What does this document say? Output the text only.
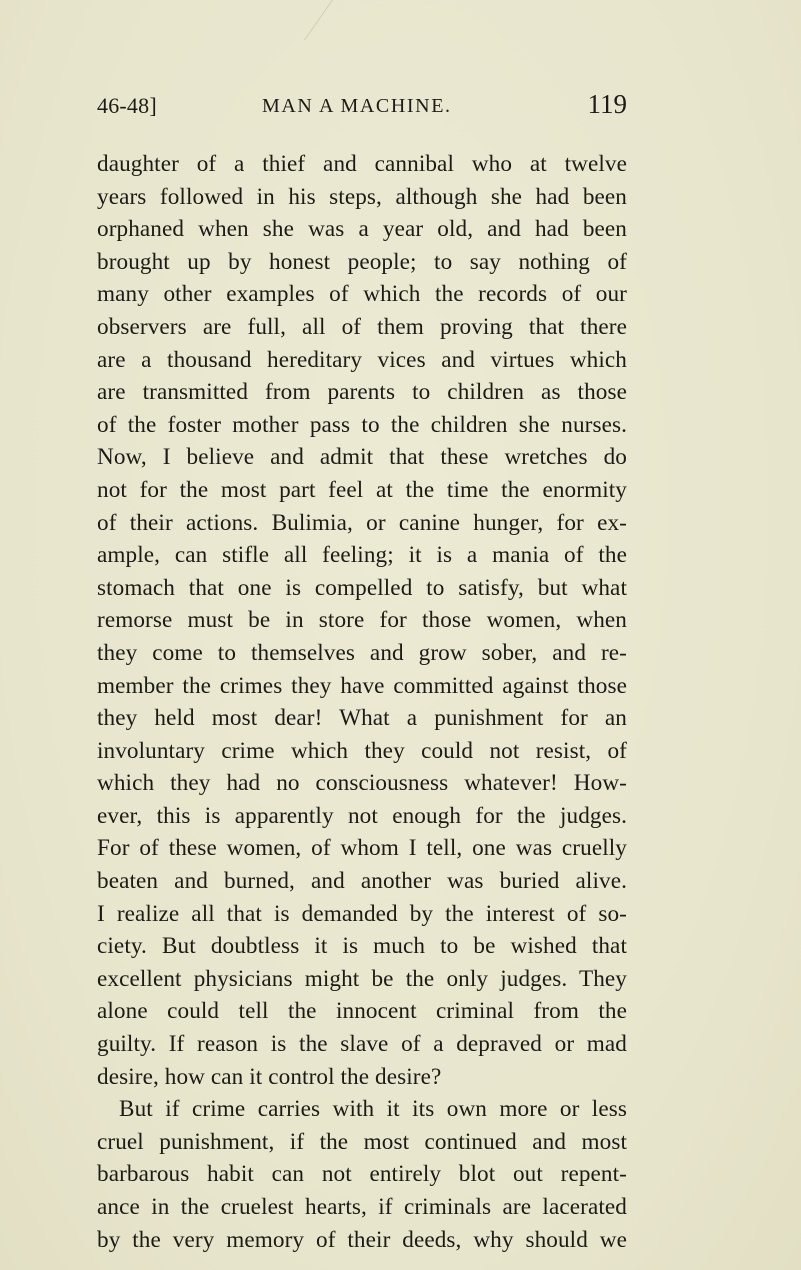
46-48]	MAN A MACHINE.	119
daughter of a thief and cannibal who at twelve
years followed in his steps, although she had been
orphaned when she was a year old, and had been
brought up by honest people; to say nothing of
many other examples of which the records of our
observers are full, all of them proving that there
are a thousand hereditary vices and virtues which
are transmitted from parents to children as those
of the foster mother pass to the children she nurses.
Now, I believe and admit that these wretches do
not for the most part feel at the time the enormity
of their actions. Bulimia, or canine hunger, for ex-
ample, can stifle all feeling; it is a mania of the
stomach that one is compelled to satisfy, but what
remorse must be in store for those women, when
they come to themselves and grow sober, and re-
member the crimes they have committed against those
they held most dear! What a punishment for an
involuntary crime which they could not resist, of
which they had no consciousness whatever! How-
ever, this is apparently not enough for the judges.
For of these women, of whom I tell, one was cruelly
beaten and burned, and another was buried alive.
I realize all that is demanded by the interest of so-
ciety. But doubtless it is much to be wished that
excellent physicians might be the only judges. They
alone could tell the innocent criminal from the
guilty. If reason is the slave of a depraved or mad
desire, how can it control the desire?
But if crime carries with it its own more or less
cruel punishment, if the most continued and most
barbarous habit can not entirely blot out repent-
ance in the cruelest hearts, if criminals are lacerated
by the very memory of their deeds, why should we
